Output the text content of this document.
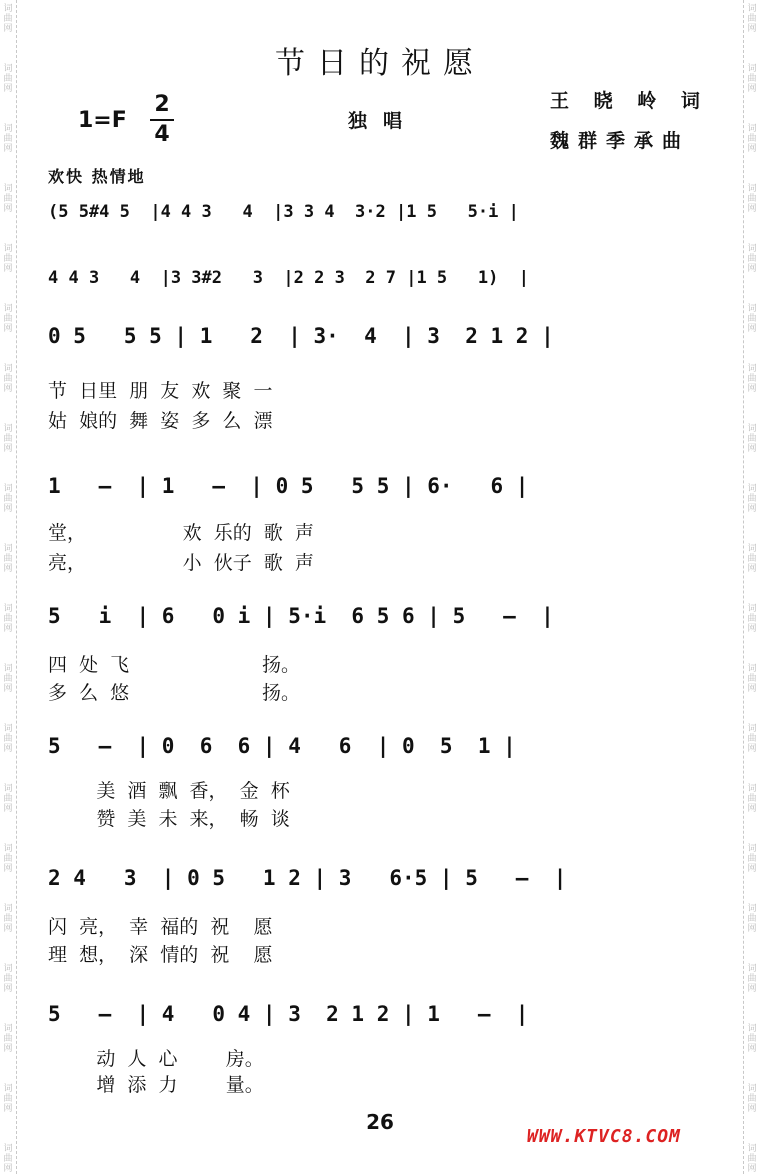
词
曲
网
词
曲
网
词
曲
网
词
曲
网
词
曲
网
词
曲
网
词
曲
网
词
曲
网
词
曲
网
词
曲
网
词
曲
网
词
曲
网
词
曲
网
词
曲
网
词
曲
网
词
曲
网
词
曲
网
词
曲
网
词
曲
网
词
曲
网
词
曲
网
词
曲
网
词
曲
网
词
曲
网
词
曲
网
词
曲
网
词
曲
网
词
曲
网
词
曲
网
词
曲
网
词
曲
网
词
曲
网
词
曲
网
词
曲
网
词
曲
网
词
曲
网
词
曲
网
词
曲
网
词
曲
网
词
曲
网
节日的祝愿
王 晓 岭 词
魏群季承曲
1=F
2
4
独唱
欢快 热情地
(5 5#4 5  |4 4 3   4  |3 3 4  3·2 |1 5   5·i |
4 4 3   4  |3 3#2   3  |2 2 3  2 7 |1 5   1)  |
0 5   5 5 | 1   2  | 3·  4  | 3  2 1 2 |
节  日里  朋  友  欢  聚  一
姑  娘的  舞  姿  多  么  漂
1   —  | 1   —  | 0 5   5 5 | 6·   6 |
堂，                欢  乐的  歌  声
亮，                小  伙子  歌  声
5   i  | 6   0 i | 5·i  6 5 6 | 5   —  |
四  处  飞                      扬。
多  么  悠                      扬。
5   —  | 0  6  6 | 4   6  | 0  5  1 |
美  酒  飘  香，  金  杯
赞  美  未  来，  畅  谈
2 4   3  | 0 5   1 2 | 3   6·5 | 5   —  |
闪  亮，  幸  福的  祝    愿
理  想，  深  情的  祝    愿
5   —  | 4   0 4 | 3  2 1 2 | 1   —  |
动  人  心        房。
增  添  力        量。
26
WWW.KTVC8.COM
